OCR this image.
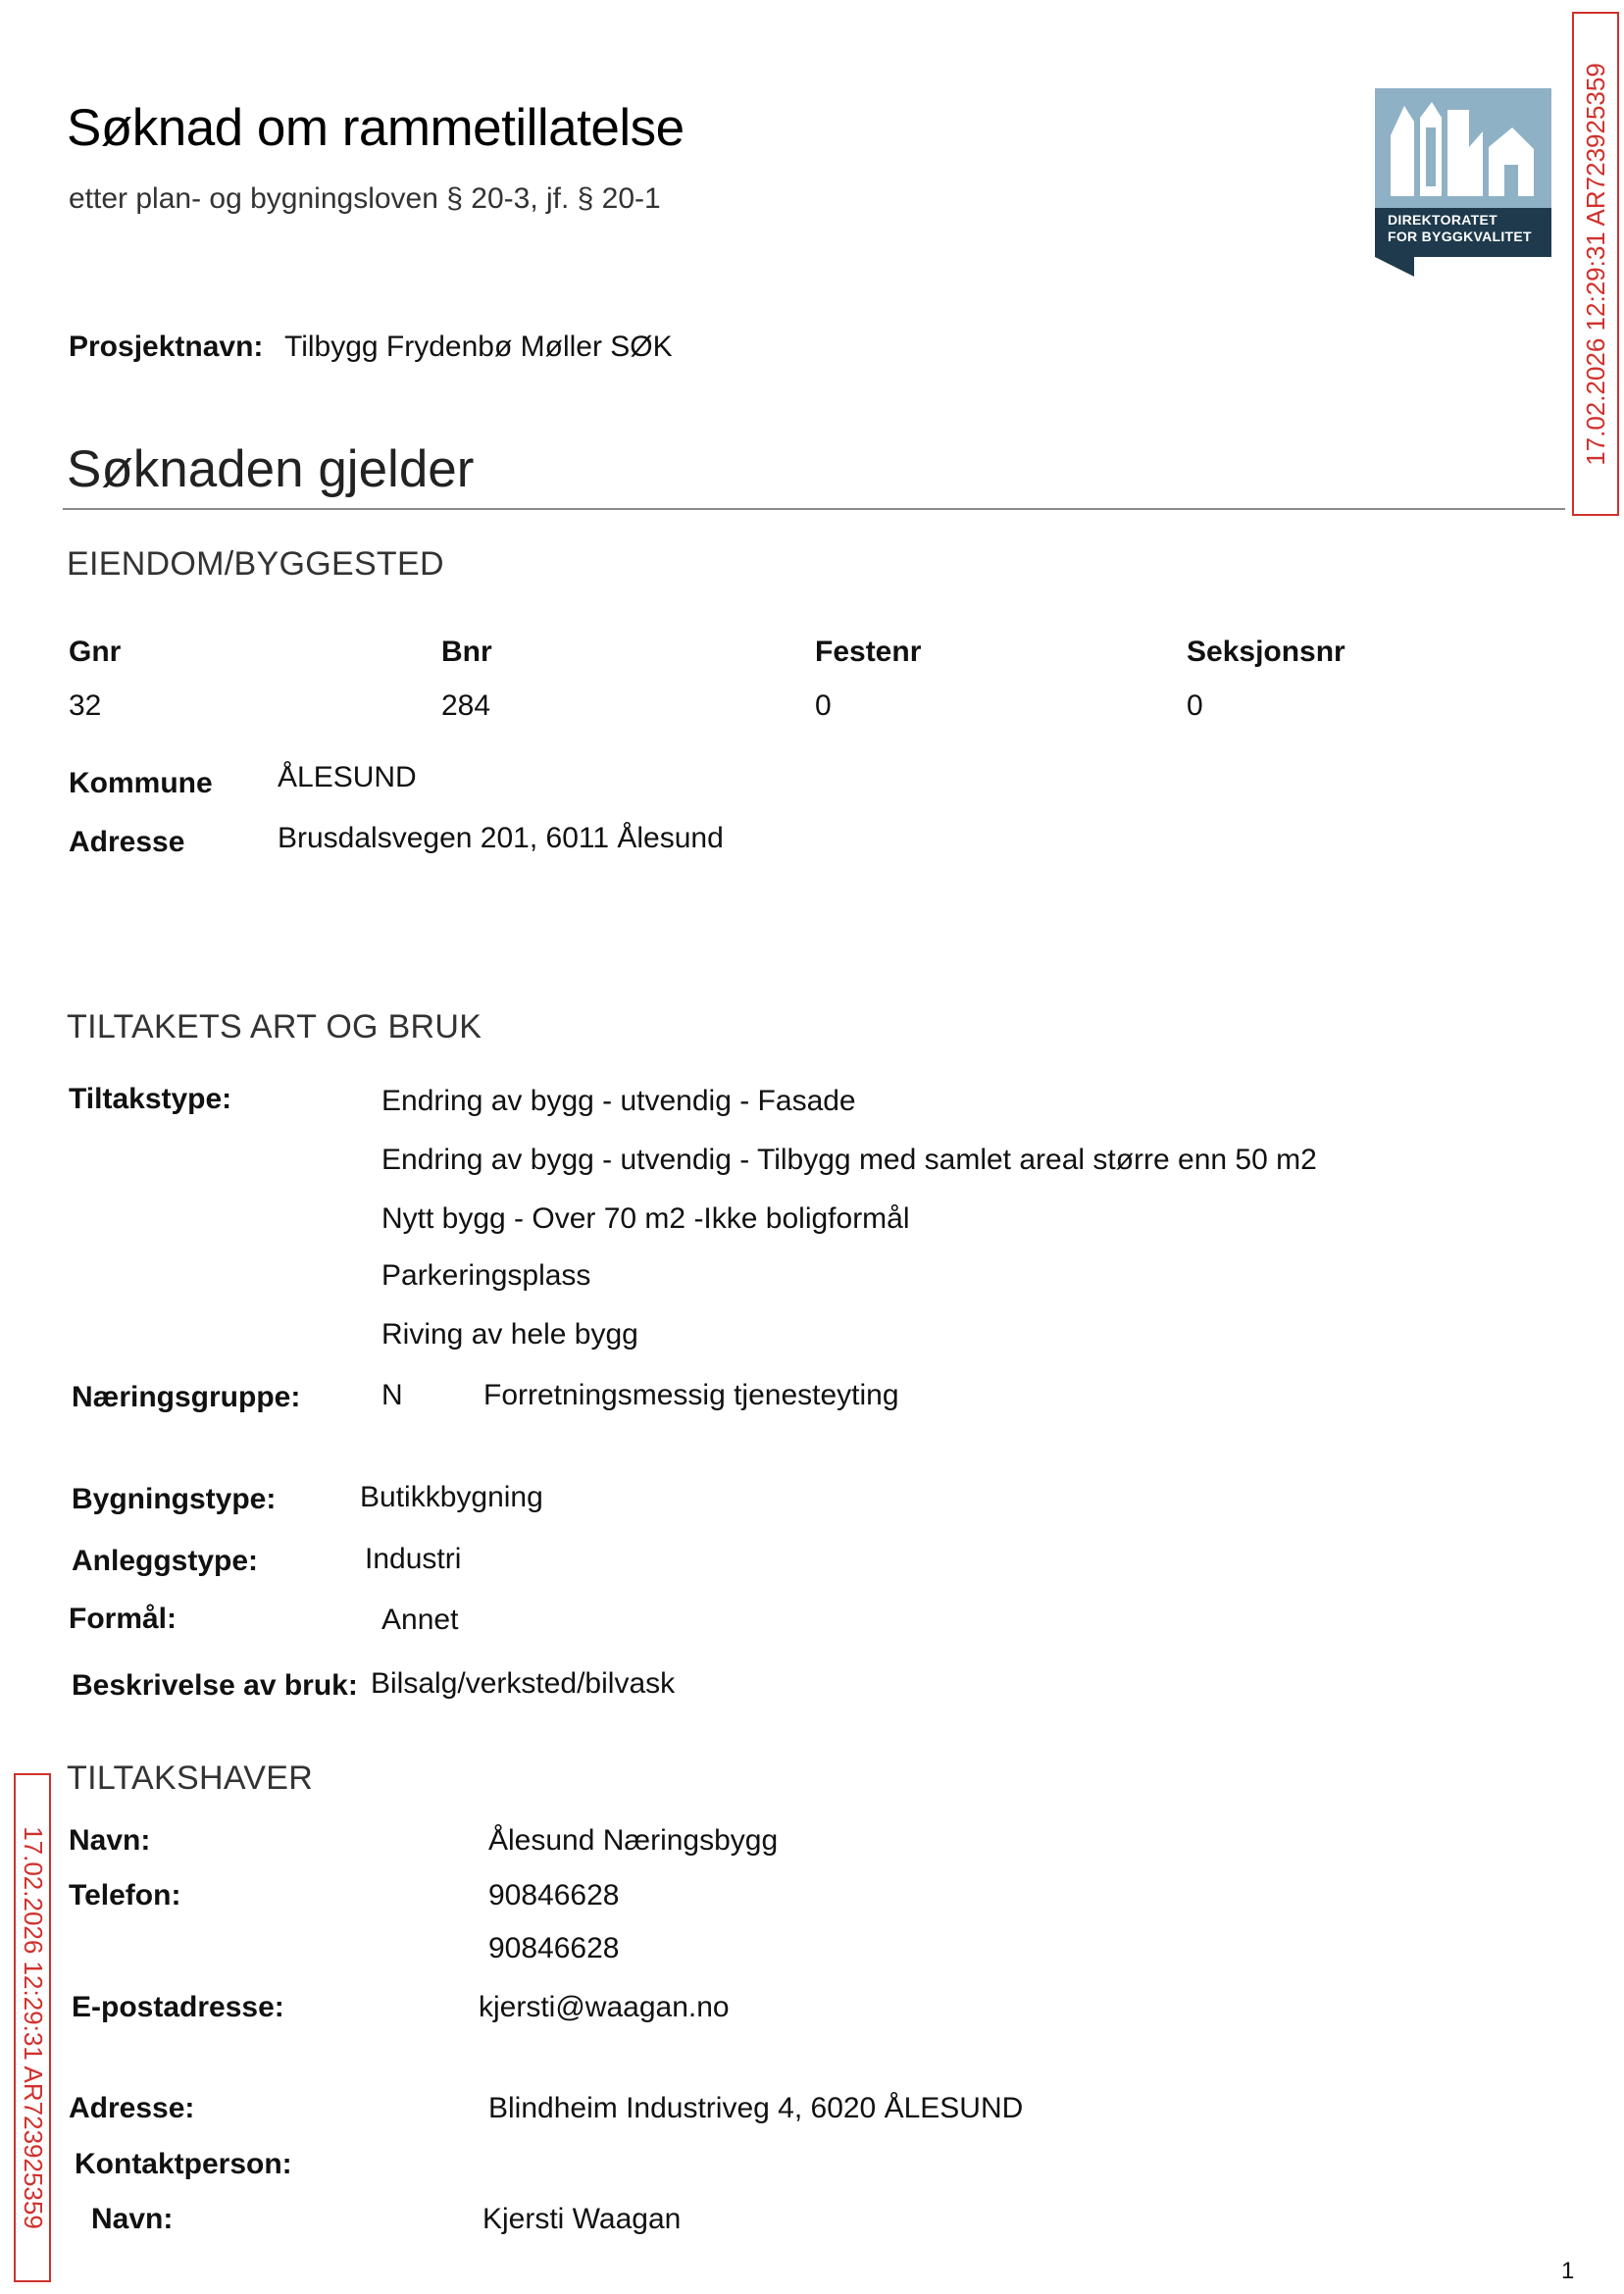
Søknad om rammetillatelse
etter plan- og bygningsloven § 20-3, jf. § 20-1
DIREKTORATET
FOR BYGGKVALITET 17.02.2026 12:29:31 AR723925359
17.02.2026 12:29:31 AR723925359
Prosjektnavn: Tilbygg Frydenbø Møller SØK
Søknaden gjelder
EIENDOM/BYGGESTED
Gnr	Bnr	Festenr	Seksjonsnr
32	284	0	0
Kommune ÅLESUND
Adresse	Brusdalsvegen 201, 6011 Ålesund
TILTAKETS ART OG BRUK
Tiltakstype:	Endring av bygg - utvendig - Fasade
Endring av bygg - utvendig - Tilbygg med samlet areal større enn 50 m2
Nytt bygg - Over 70 m2 -Ikke boligformål
Parkeringsplass
Riving av hele bygg
Næringsgruppe:	N	Forretningsmessig tjenesteyting
Bygningstype:	Butikkbygning
Anleggstype:	Industri
Formål:	Annet
Beskrivelse av bruk: Bilsalg/verksted/bilvask
TILTAKSHAVER
Navn:	Ålesund Næringsbygg
Telefon:	90846628
90846628
E-postadresse:	kjersti@waagan.no
Adresse:	Blindheim Industriveg 4, 6020 ÅLESUND
Kontaktperson:
Navn:	Kjersti Waagan
1
